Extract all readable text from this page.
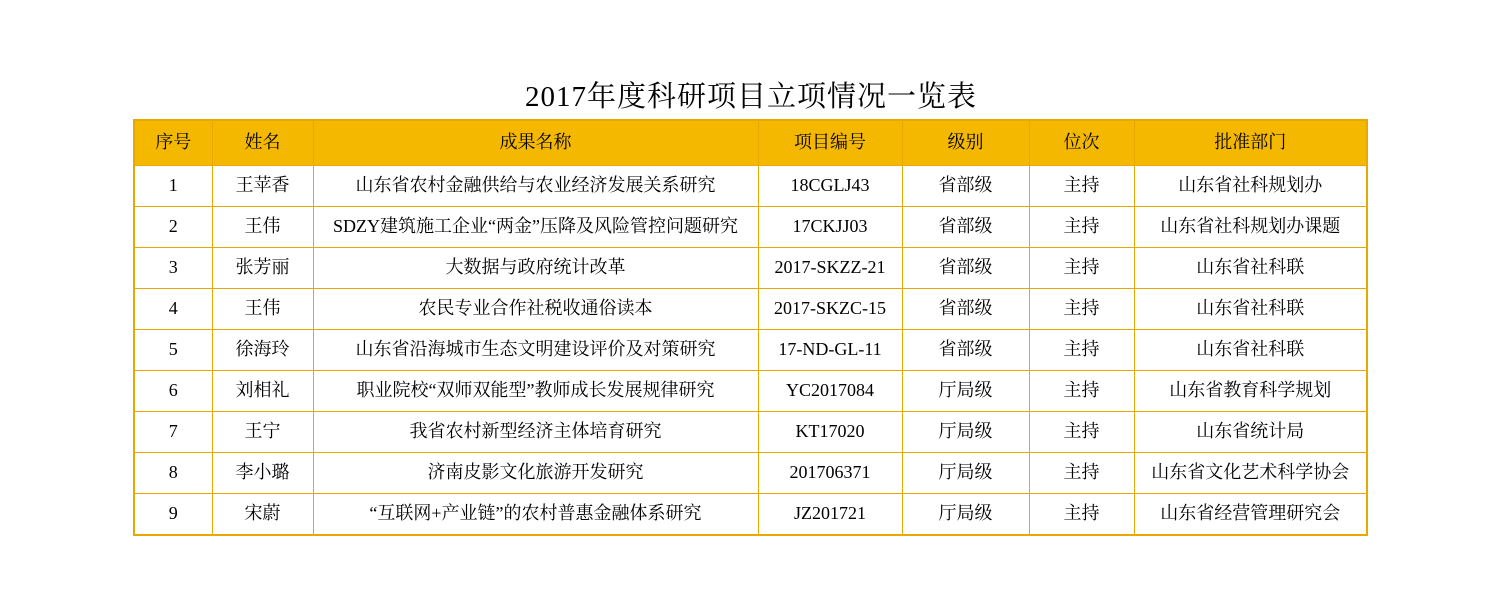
2017年度科研项目立项情况一览表
序号	姓名	成果名称	项目编号	级别	位次	批准部门
1	王苹香	山东省农村金融供给与农业经济发展关系研究	18CGLJ43	省部级	主持	山东省社科规划办
2	王伟	SDZY建筑施工企业“两金”压降及风险管控问题研究	17CKJJ03	省部级	主持	山东省社科规划办课题
3	张芳丽	大数据与政府统计改革	2017-SKZZ-21	省部级	主持	山东省社科联
4	王伟	农民专业合作社税收通俗读本	2017-SKZC-15	省部级	主持	山东省社科联
5	徐海玲	山东省沿海城市生态文明建设评价及对策研究	17-ND-GL-11	省部级	主持	山东省社科联
6	刘相礼	职业院校“双师双能型”教师成长发展规律研究	YC2017084	厅局级	主持	山东省教育科学规划
7	王宁	我省农村新型经济主体培育研究	KT17020	厅局级	主持	山东省统计局
8	李小璐	济南皮影文化旅游开发研究	201706371	厅局级	主持	山东省文化艺术科学协会
9	宋蔚	“互联网+产业链”的农村普惠金融体系研究	JZ201721	厅局级	主持	山东省经营管理研究会
